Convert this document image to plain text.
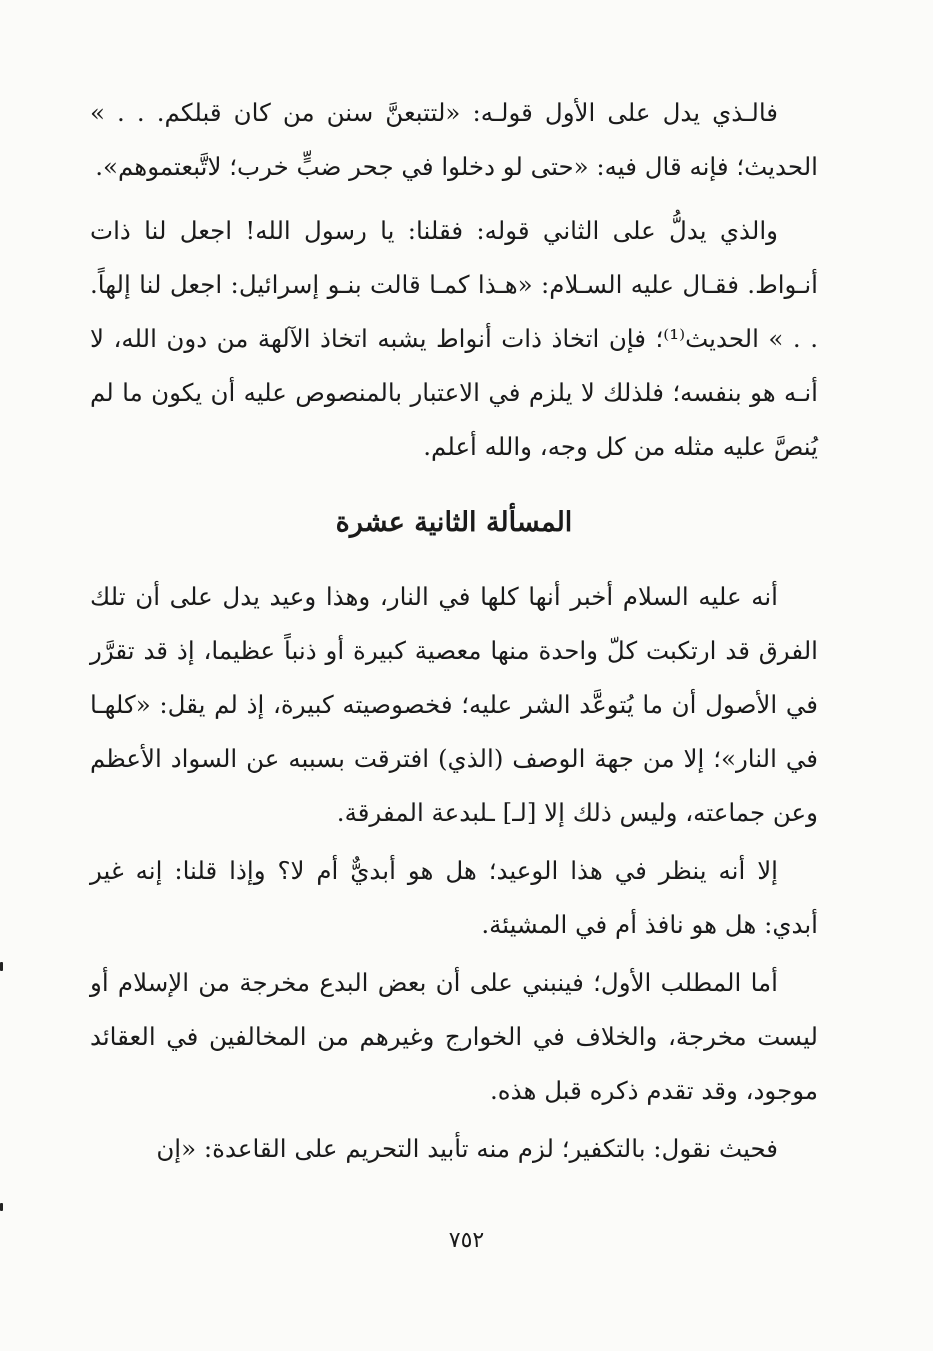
فالـذي يدل على الأول قولـه: «لتتبعنَّ سنن من كان قبلكم. . . » الحديث؛ فإنه قال فيه: «حتى لو دخلوا في جحر ضبٍّ خرب؛ لاتَّبعتموهم».

والذي يدلُّ على الثاني قوله: فقلنا: يا رسول الله! اجعل لنا ذات أنـواط. فقـال عليه السـلام: «هـذا كمـا قالت بنـو إسرائيل: اجعل لنا إلهاً. . . » الحديث⁽¹⁾؛ فإن اتخاذ ذات أنواط يشبه اتخاذ الآلهة من دون الله، لا أنـه هو بنفسه؛ فلذلك لا يلزم في الاعتبار بالمنصوص عليه أن يكون ما لم يُنصَّ عليه مثله من كل وجه، والله أعلم.

المسألة الثانية عشرة

أنه عليه السلام أخبر أنها كلها في النار، وهذا وعيد يدل على أن تلك الفرق قد ارتكبت كلّ واحدة منها معصية كبيرة أو ذنباً عظيما، إذ قد تقرَّر في الأصول أن ما يُتوعَّد الشر عليه؛ فخصوصيته كبيرة، إذ لم يقل: «كلهـا في النار»؛ إلا من جهة الوصف (الذي) افترقت بسببه عن السواد الأعظم وعن جماعته، وليس ذلك إلا [لـ] ـلبدعة المفرقة.

إلا أنه ينظر في هذا الوعيد؛ هل هو أبديٌّ أم لا؟ وإذا قلنا: إنه غير أبدي: هل هو نافذ أم في المشيئة.

أما المطلب الأول؛ فينبني على أن بعض البدع مخرجة من الإسلام أو ليست مخرجة، والخلاف في الخوارج وغيرهم من المخالفين في العقائد موجود، وقد تقدم ذكره قبل هذه.

فحيث نقول: بالتكفير؛ لزم منه تأبيد التحريم على القاعدة: «إن

٧٥٢
